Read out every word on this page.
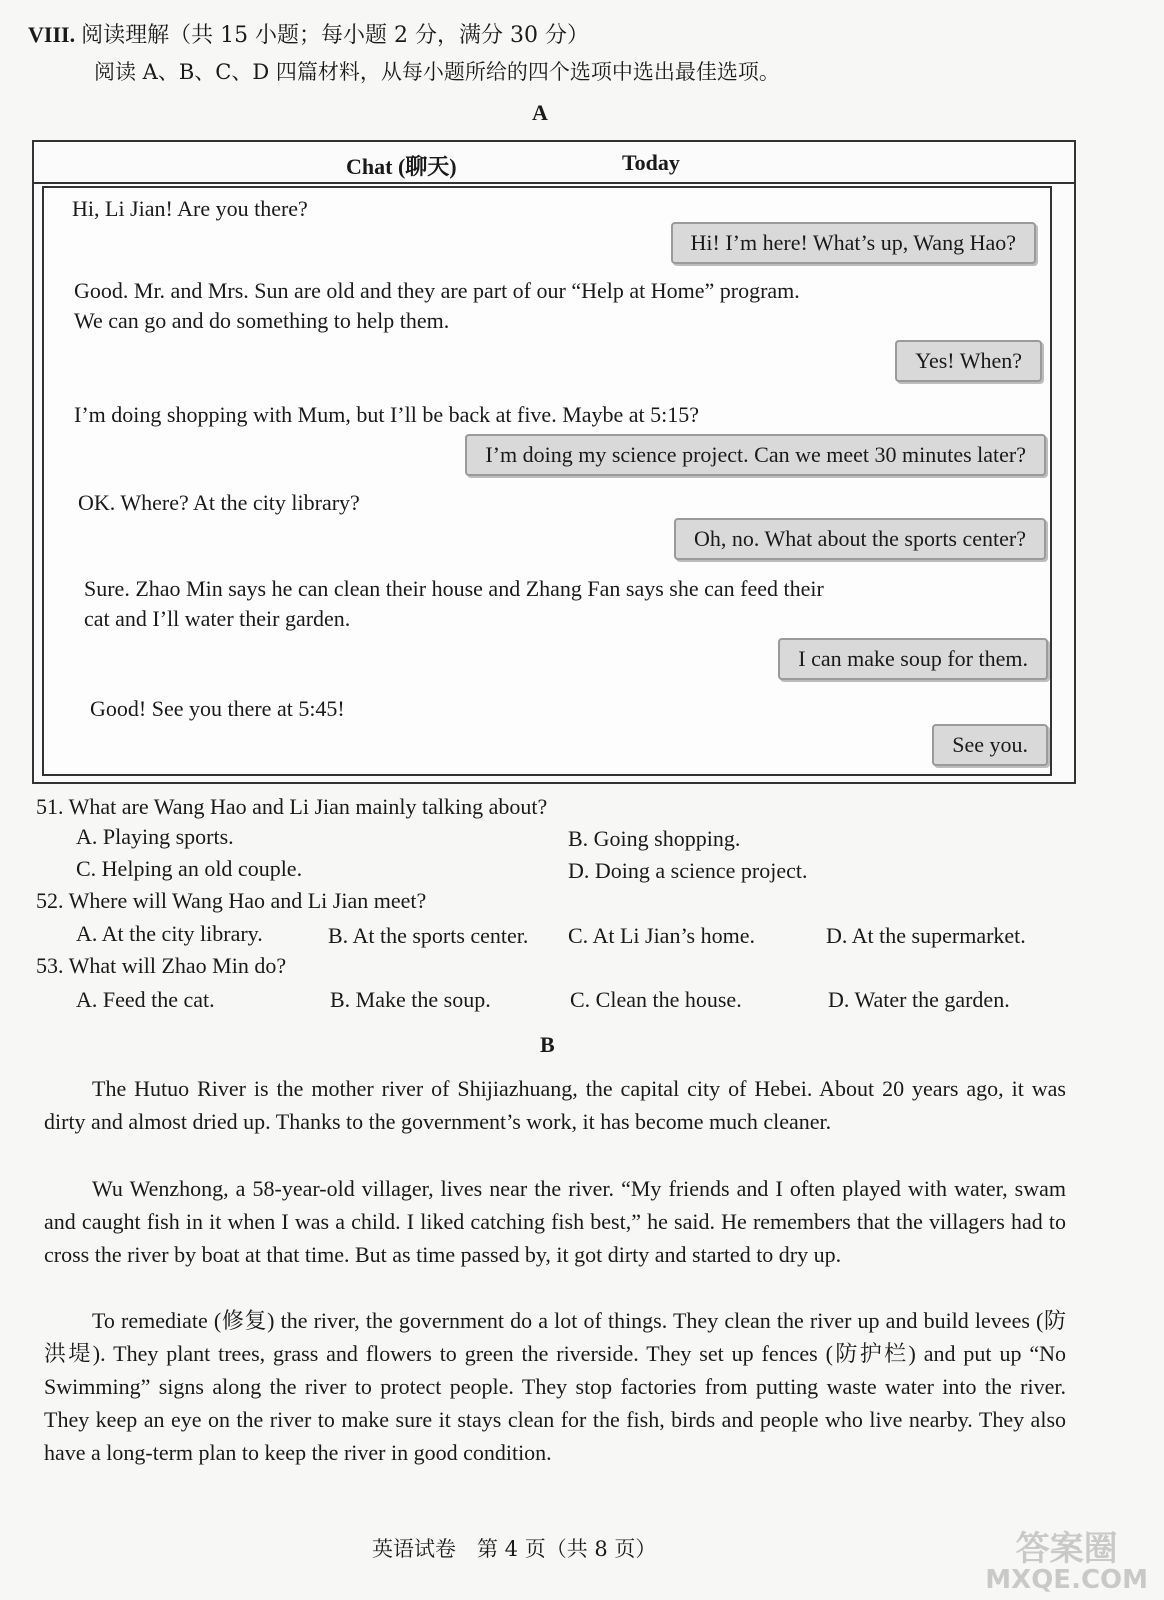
VIII. 阅读理解（共 15 小题；每小题 2 分，满分 30 分）
阅读 A、B、C、D 四篇材料，从每小题所给的四个选项中选出最佳选项。
A
Chat (聊天)	Today
Hi, Li Jian! Are you there?
Hi! I’m here! What’s up, Wang Hao?
Good. Mr. and Mrs. Sun are old and they are part of our “Help at Home” program. We can go and do something to help them.
Yes! When?
I’m doing shopping with Mum, but I’ll be back at five. Maybe at 5:15?
I’m doing my science project. Can we meet 30 minutes later?
OK. Where? At the city library?
Oh, no. What about the sports center?
Sure. Zhao Min says he can clean their house and Zhang Fan says she can feed their cat and I’ll water their garden.
I can make soup for them.
Good! See you there at 5:45!
See you.
51. What are Wang Hao and Li Jian mainly talking about?
A. Playing sports.	B. Going shopping.
C. Helping an old couple.	D. Doing a science project.
52. Where will Wang Hao and Li Jian meet?
A. At the city library.	B. At the sports center. C. At Li Jian’s home.	D. At the supermarket.
53. What will Zhao Min do?
A. Feed the cat.	B. Make the soup.	C. Clean the house.	D. Water the garden.
B
The Hutuo River is the mother river of Shijiazhuang, the capital city of Hebei. About 20 years ago, it was dirty and almost dried up. Thanks to the government’s work, it has become much cleaner.
Wu Wenzhong, a 58-year-old villager, lives near the river. “My friends and I often played with water, swam and caught fish in it when I was a child. I liked catching fish best,” he said. He remembers that the villagers had to cross the river by boat at that time. But as time passed by, it got dirty and started to dry up.
To remediate (修复) the river, the government do a lot of things. They clean the river up and build levees (防洪堤). They plant trees, grass and flowers to green the riverside. They set up fences (防护栏) and put up “No Swimming” signs along the river to protect people. They stop factories from putting waste water into the river. They keep an eye on the river to make sure it stays clean for the fish, birds and people who live nearby. They also have a long-term plan to keep the river in good condition.
英语试卷　第 4 页（共 8 页）	答案圈
MXQE.COM
